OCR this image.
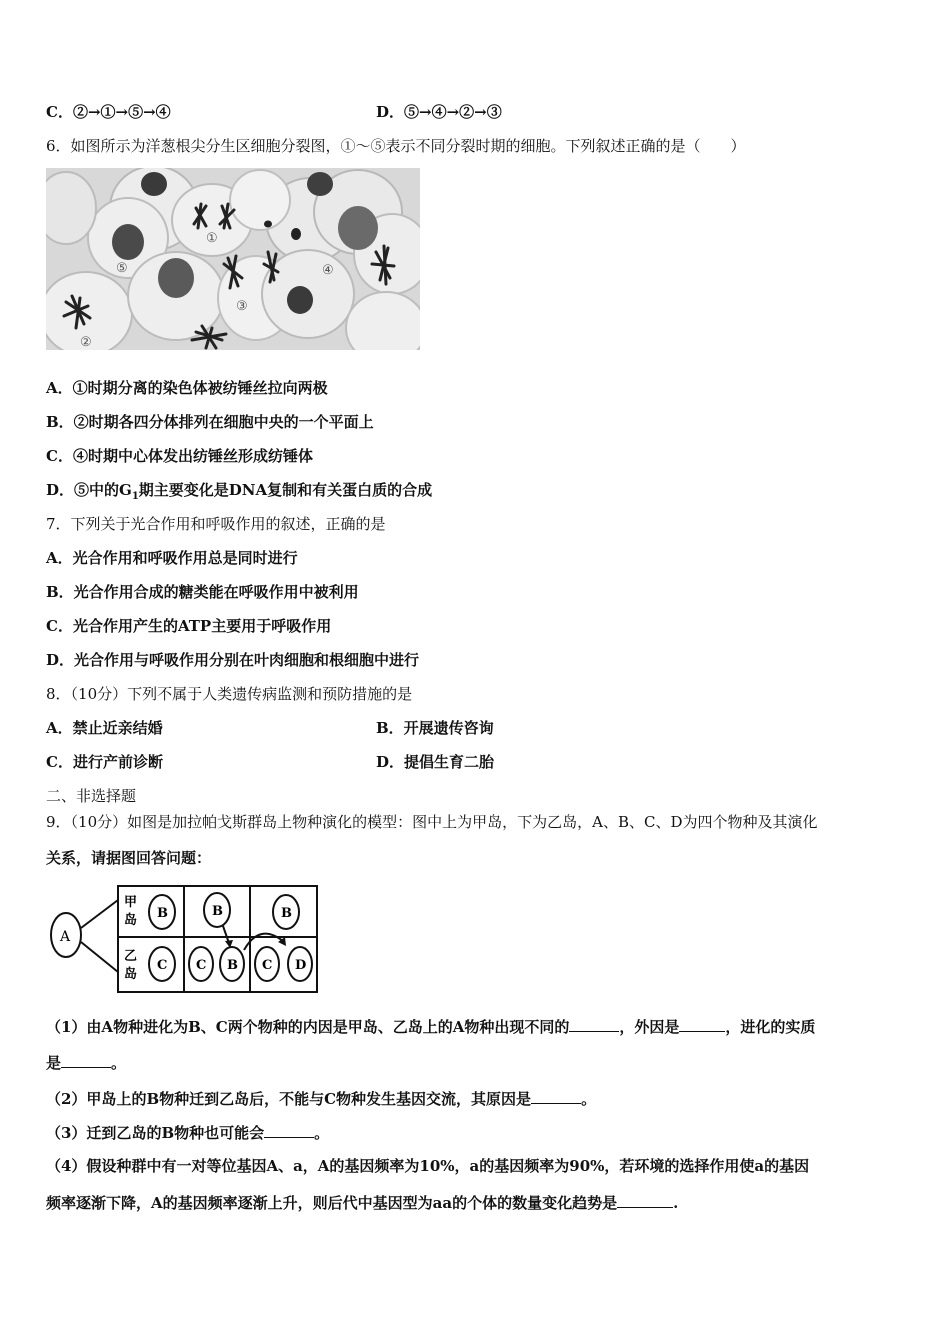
C．②→①→⑤→④	D．⑤→④→②→③
6．如图所示为洋葱根尖分生区细胞分裂图，①～⑤表示不同分裂时期的细胞。下列叙述正确的是（　　）
①
②
③
④
⑤
A．①时期分离的染色体被纺锤丝拉向两极
B．②时期各四分体排列在细胞中央的一个平面上
C．④时期中心体发出纺锤丝形成纺锤体
D．⑤中的$G_1$期主要变化是DNA复制和有关蛋白质的合成
7．下列关于光合作用和呼吸作用的叙述，正确的是
A．光合作用和呼吸作用总是同时进行
B．光合作用合成的糖类能在呼吸作用中被利用
C．光合作用产生的ATP主要用于呼吸作用
D．光合作用与呼吸作用分别在叶肉细胞和根细胞中进行
8．（10分）下列不属于人类遗传病监测和预防措施的是
A．禁止近亲结婚	B．开展遗传咨询
C．进行产前诊断	D．提倡生育二胎
二、非选择题
9．（10分）如图是加拉帕戈斯群岛上物种演化的模型：图中上为甲岛，下为乙岛，A、B、C、D为四个物种及其演化
关系，请据图回答问题：
A
甲
岛
乙
岛
B	B	B
C C B C D
（1）由A物种进化为B、C两个物种的内因是甲岛、乙岛上的A物种出现不同的	，外因是	，进化的实质
是	。
（2）甲岛上的B物种迁到乙岛后，不能与C物种发生基因交流，其原因是	。
（3）迁到乙岛的B物种也可能会	。
（4）假设种群中有一对等位基因A、a，A的基因频率为10%，a的基因频率为90%，若环境的选择作用使a的基因
频率逐渐下降，A的基因频率逐渐上升，则后代中基因型为aa的个体的数量变化趋势是	.
